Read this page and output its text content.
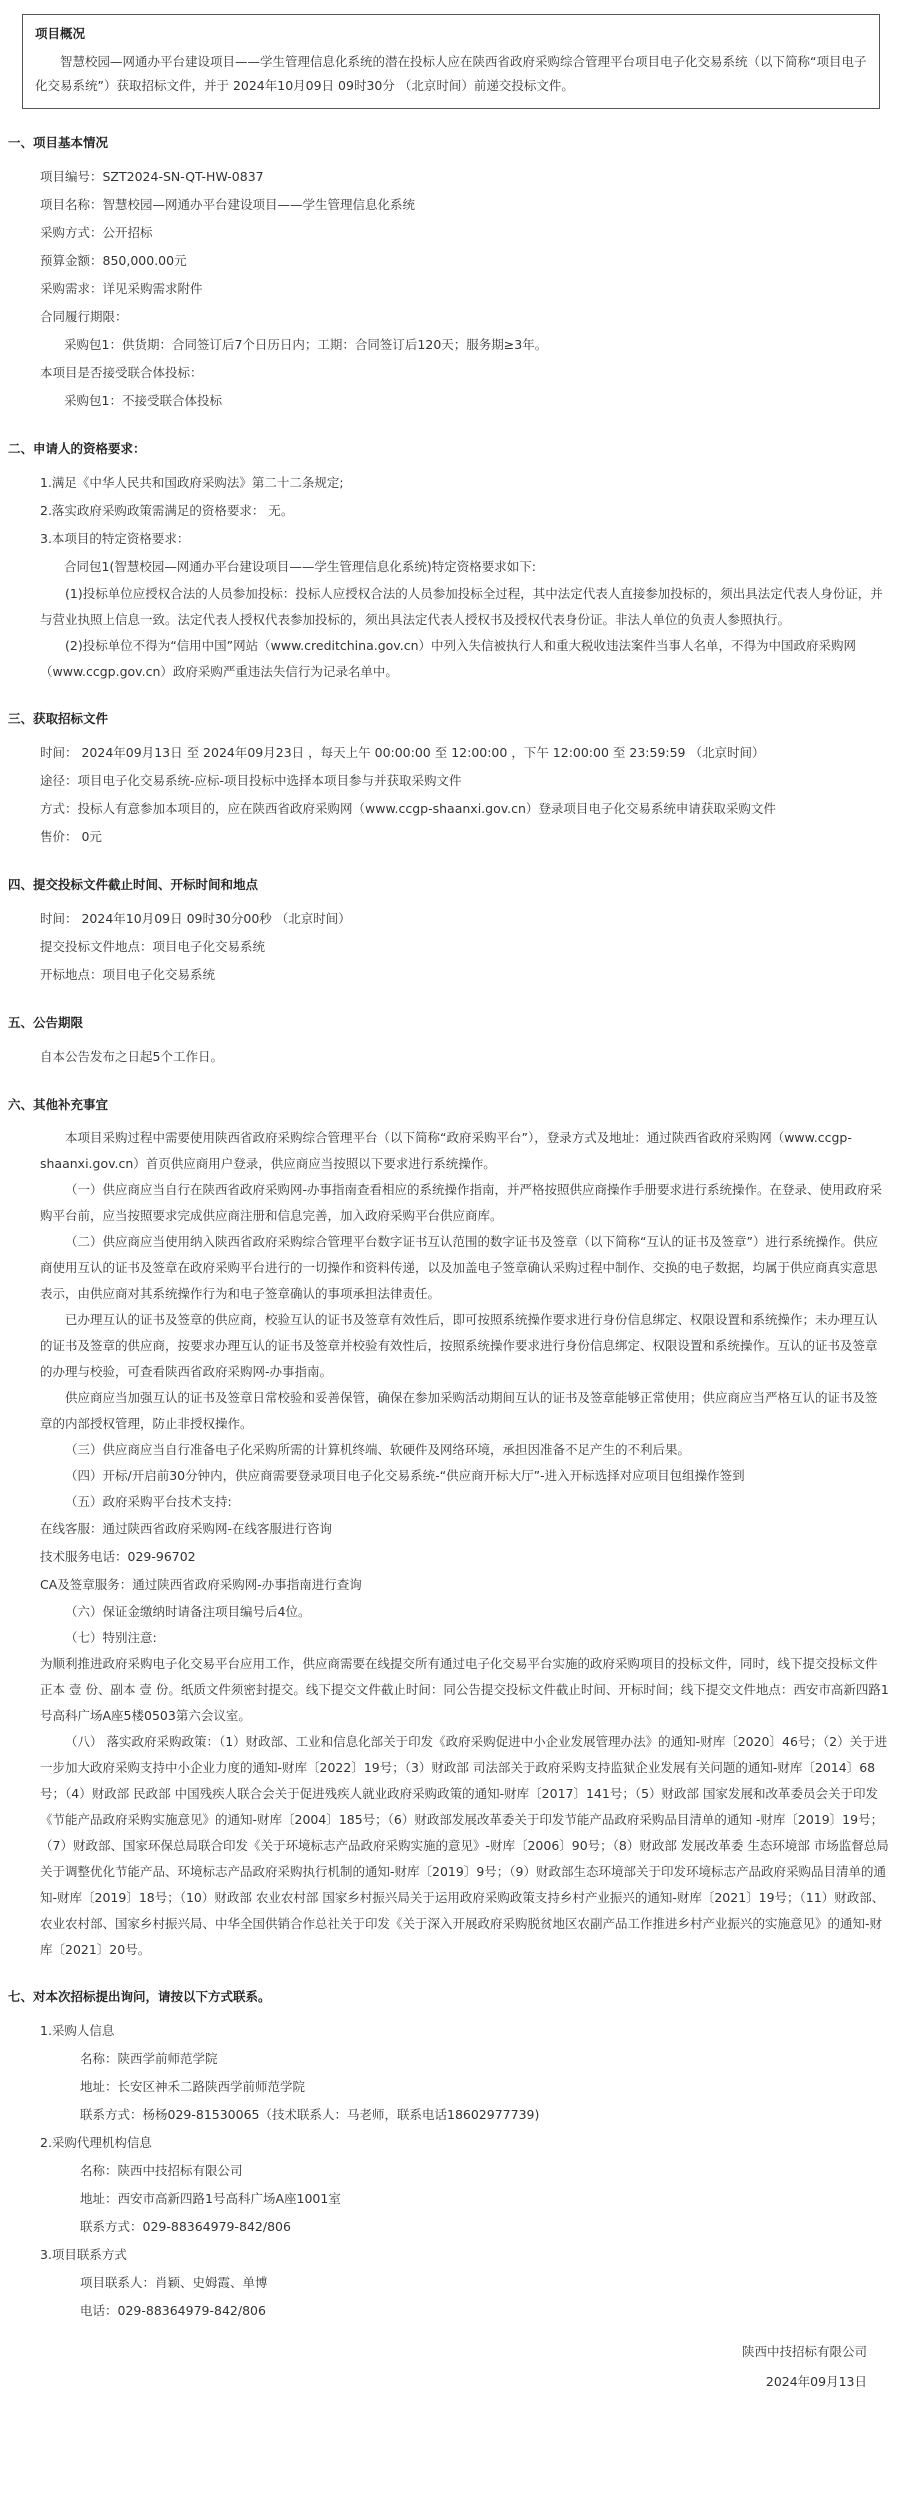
项目概况
智慧校园—网通办平台建设项目——学生管理信息化系统的潜在投标人应在陕西省政府采购综合管理平台项目电子化交易系统（以下简称“项目电子化交易系统”）获取招标文件，并于 2024年10月09日 09时30分 （北京时间）前递交投标文件。
一、项目基本情况
项目编号：SZT2024-SN-QT-HW-0837
项目名称：智慧校园—网通办平台建设项目——学生管理信息化系统
采购方式：公开招标
预算金额：850,000.00元
采购需求：详见采购需求附件
合同履行期限：
采购包1：供货期：合同签订后7个日历日内；工期：合同签订后120天；服务期≥3年。
本项目是否接受联合体投标：
采购包1：不接受联合体投标
二、申请人的资格要求：
1.满足《中华人民共和国政府采购法》第二十二条规定;
2.落实政府采购政策需满足的资格要求： 无。
3.本项目的特定资格要求：
合同包1(智慧校园—网通办平台建设项目——学生管理信息化系统)特定资格要求如下:
(1)投标单位应授权合法的人员参加投标：投标人应授权合法的人员参加投标全过程，其中法定代表人直接参加投标的，须出具法定代表人身份证，并与营业执照上信息一致。法定代表人授权代表参加投标的，须出具法定代表人授权书及授权代表身份证。非法人单位的负责人参照执行。
(2)投标单位不得为“信用中国”网站（www.creditchina.gov.cn）中列入失信被执行人和重大税收违法案件当事人名单，不得为中国政府采购网（www.ccgp.gov.cn）政府采购严重违法失信行为记录名单中。
三、获取招标文件
时间： 2024年09月13日 至 2024年09月23日 ，每天上午 00:00:00 至 12:00:00 ，下午 12:00:00 至 23:59:59 （北京时间）
途径：项目电子化交易系统-应标-项目投标中选择本项目参与并获取采购文件
方式：投标人有意参加本项目的，应在陕西省政府采购网（www.ccgp-shaanxi.gov.cn）登录项目电子化交易系统申请获取采购文件
售价： 0元
四、提交投标文件截止时间、开标时间和地点
时间： 2024年10月09日 09时30分00秒 （北京时间）
提交投标文件地点：项目电子化交易系统
开标地点：项目电子化交易系统
五、公告期限
自本公告发布之日起5个工作日。
六、其他补充事宜
本项目采购过程中需要使用陕西省政府采购综合管理平台（以下简称“政府采购平台”），登录方式及地址：通过陕西省政府采购网（www.ccgp-shaanxi.gov.cn）首页供应商用户登录，供应商应当按照以下要求进行系统操作。
（一）供应商应当自行在陕西省政府采购网-办事指南查看相应的系统操作指南，并严格按照供应商操作手册要求进行系统操作。在登录、使用政府采购平台前，应当按照要求完成供应商注册和信息完善，加入政府采购平台供应商库。
（二）供应商应当使用纳入陕西省政府采购综合管理平台数字证书互认范围的数字证书及签章（以下简称“互认的证书及签章”）进行系统操作。供应商使用互认的证书及签章在政府采购平台进行的一切操作和资料传递，以及加盖电子签章确认采购过程中制作、交换的电子数据，均属于供应商真实意思表示，由供应商对其系统操作行为和电子签章确认的事项承担法律责任。
已办理互认的证书及签章的供应商，校验互认的证书及签章有效性后，即可按照系统操作要求进行身份信息绑定、权限设置和系统操作；未办理互认的证书及签章的供应商，按要求办理互认的证书及签章并校验有效性后，按照系统操作要求进行身份信息绑定、权限设置和系统操作。互认的证书及签章的办理与校验，可查看陕西省政府采购网-办事指南。
供应商应当加强互认的证书及签章日常校验和妥善保管，确保在参加采购活动期间互认的证书及签章能够正常使用；供应商应当严格互认的证书及签章的内部授权管理，防止非授权操作。
（三）供应商应当自行准备电子化采购所需的计算机终端、软硬件及网络环境，承担因准备不足产生的不利后果。
（四）开标/开启前30分钟内，供应商需要登录项目电子化交易系统-“供应商开标大厅”-进入开标选择对应项目包组操作签到
（五）政府采购平台技术支持:
在线客服：通过陕西省政府采购网-在线客服进行咨询
技术服务电话：029-96702
CA及签章服务：通过陕西省政府采购网-办事指南进行查询
（六）保证金缴纳时请备注项目编号后4位。
（七）特别注意:
为顺利推进政府采购电子化交易平台应用工作，供应商需要在线提交所有通过电子化交易平台实施的政府采购项目的投标文件，同时，线下提交投标文件正本 壹 份、副本 壹 份。纸质文件须密封提交。线下提交文件截止时间：同公告提交投标文件截止时间、开标时间；线下提交文件地点：西安市高新四路1号高科广场A座5楼0503第六会议室。
（八） 落实政府采购政策：（1）财政部、工业和信息化部关于印发《政府采购促进中小企业发展管理办法》的通知-财库〔2020〕46号；（2）关于进一步加大政府采购支持中小企业力度的通知-财库〔2022〕19号；（3）财政部 司法部关于政府采购支持监狱企业发展有关问题的通知-财库〔2014〕68号；（4）财政部 民政部 中国残疾人联合会关于促进残疾人就业政府采购政策的通知-财库〔2017〕141号；（5）财政部 国家发展和改革委员会关于印发《节能产品政府采购实施意见》的通知-财库〔2004〕185号；（6）财政部发展改革委关于印发节能产品政府采购品目清单的通知 -财库〔2019〕19号；（7）财政部、国家环保总局联合印发《关于环境标志产品政府采购实施的意见》-财库〔2006〕90号；（8）财政部 发展改革委 生态环境部 市场监督总局关于调整优化节能产品、环境标志产品政府采购执行机制的通知-财库〔2019〕9号；（9）财政部生态环境部关于印发环境标志产品政府采购品目清单的通知-财库〔2019〕18号；（10）财政部 农业农村部 国家乡村振兴局关于运用政府采购政策支持乡村产业振兴的通知-财库〔2021〕19号；（11）财政部、农业农村部、国家乡村振兴局、中华全国供销合作总社关于印发《关于深入开展政府采购脱贫地区农副产品工作推进乡村产业振兴的实施意见》的通知-财库〔2021〕20号。
七、对本次招标提出询问，请按以下方式联系。
1.采购人信息
名称：陕西学前师范学院
地址：长安区神禾二路陕西学前师范学院
联系方式：杨杨029-81530065（技术联系人：马老师，联系电话18602977739)
2.采购代理机构信息
名称：陕西中技招标有限公司
地址：西安市高新四路1号高科广场A座1001室
联系方式：029-88364979-842/806
3.项目联系方式
项目联系人：肖颖、史姆霞、单博
电话：029-88364979-842/806
陕西中技招标有限公司
2024年09月13日
